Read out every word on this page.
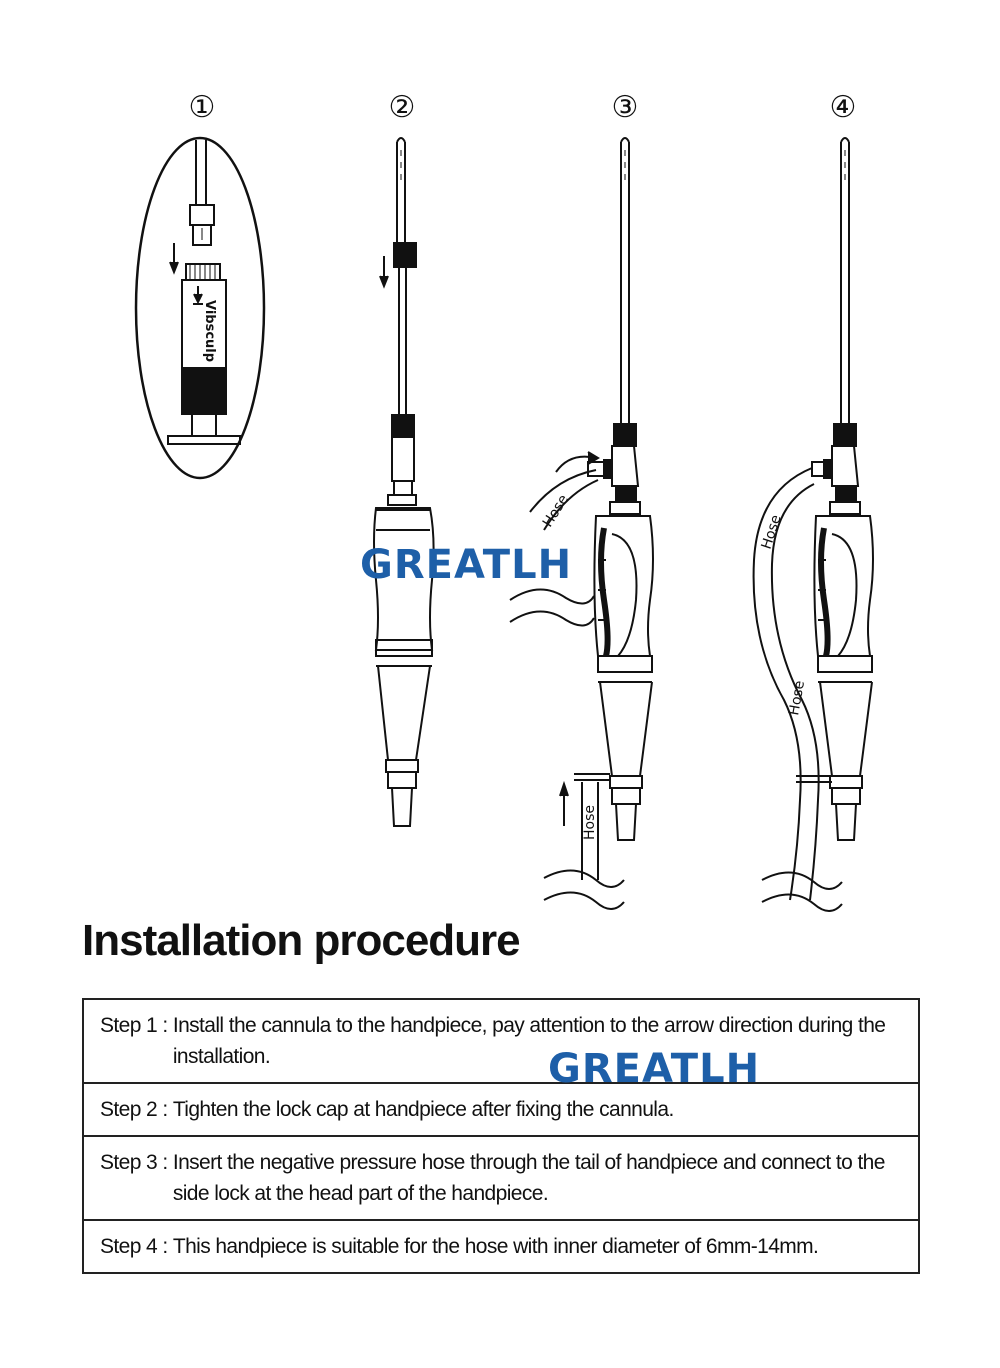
①	②	③	④
Vibsculp
Hose
Hose
Hose
Hose
GREATLH
Installation procedure
Step 1 :
Install the cannula to the handpiece, pay attention to the arrow direction during the installation.

Step 2 :
Tighten the lock cap at handpiece after fixing the cannula.

Step 3 :
Insert the negative pressure hose through the tail of handpiece and connect to the side lock at the head part of the handpiece.

Step 4 :
This handpiece is suitable for the hose with inner diameter of 6mm-14mm.
GREATLH
